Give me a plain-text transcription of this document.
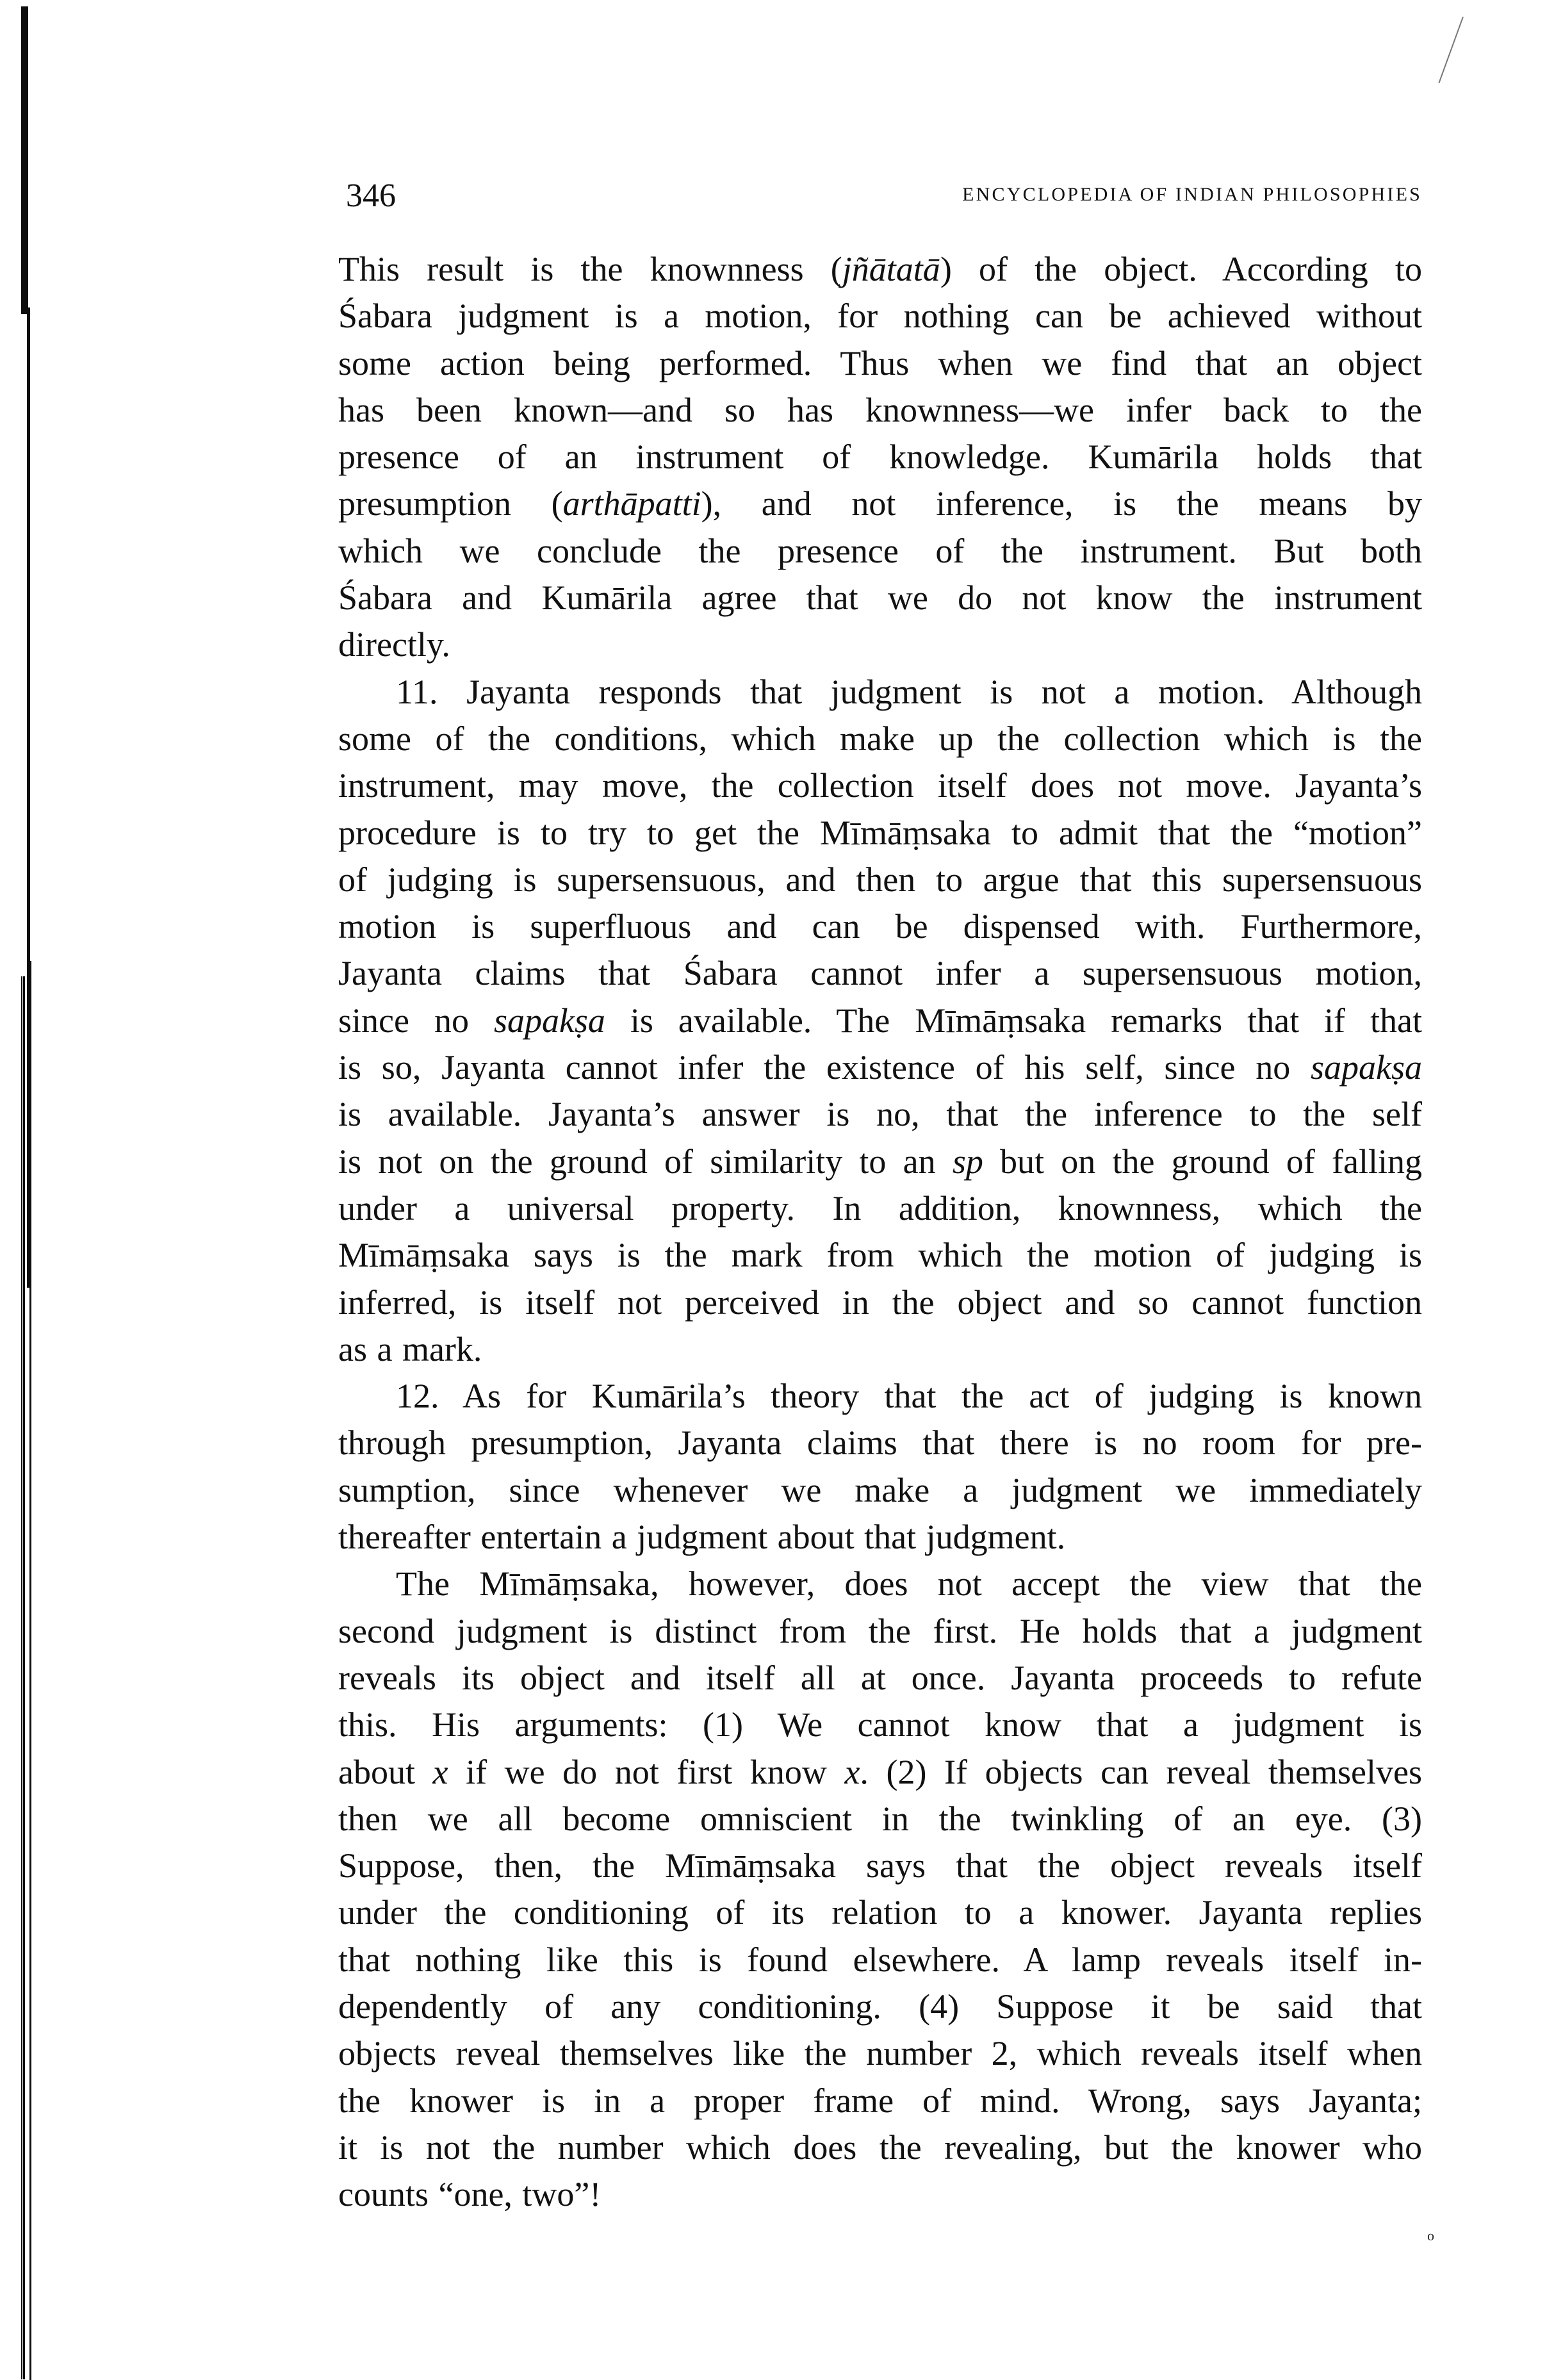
346	ENCYCLOPEDIA OF INDIAN PHILOSOPHIES
This result is the knownness (jñātatā) of the object. According to
Śabara judgment is a motion, for nothing can be achieved without
some action being performed. Thus when we find that an object
has been known—and so has knownness—we infer back to the
presence of an instrument of knowledge. Kumārila holds that
presumption (arthāpatti), and not inference, is the means by
which we conclude the presence of the instrument. But both
Śabara and Kumārila agree that we do not know the instrument
directly.
11. Jayanta responds that judgment is not a motion. Although
some of the conditions, which make up the collection which is the
instrument, may move, the collection itself does not move. Jayanta’s
procedure is to try to get the Mīmāṃsaka to admit that the “motion”
of judging is supersensuous, and then to argue that this supersensuous
motion is superfluous and can be dispensed with. Furthermore,
Jayanta claims that Śabara cannot infer a supersensuous motion,
since no sapakṣa is available. The Mīmāṃsaka remarks that if that
is so, Jayanta cannot infer the existence of his self, since no sapakṣa
is available. Jayanta’s answer is no, that the inference to the self
is not on the ground of similarity to an sp but on the ground of falling
under a universal property. In addition, knownness, which the
Mīmāṃsaka says is the mark from which the motion of judging is
inferred, is itself not perceived in the object and so cannot function
as a mark.
12. As for Kumārila’s theory that the act of judging is known
through presumption, Jayanta claims that there is no room for pre-
sumption, since whenever we make a judgment we immediately
thereafter entertain a judgment about that judgment.
The Mīmāṃsaka, however, does not accept the view that the
second judgment is distinct from the first. He holds that a judgment
reveals its object and itself all at once. Jayanta proceeds to refute
this. His arguments: (1) We cannot know that a judgment is
about x if we do not first know x. (2) If objects can reveal themselves
then we all become omniscient in the twinkling of an eye. (3)
Suppose, then, the Mīmāṃsaka says that the object reveals itself
under the conditioning of its relation to a knower. Jayanta replies
that nothing like this is found elsewhere. A lamp reveals itself in-
dependently of any conditioning. (4) Suppose it be said that
objects reveal themselves like the number 2, which reveals itself when
the knower is in a proper frame of mind. Wrong, says Jayanta;
it is not the number which does the revealing, but the knower who
counts “one, two”!
o
